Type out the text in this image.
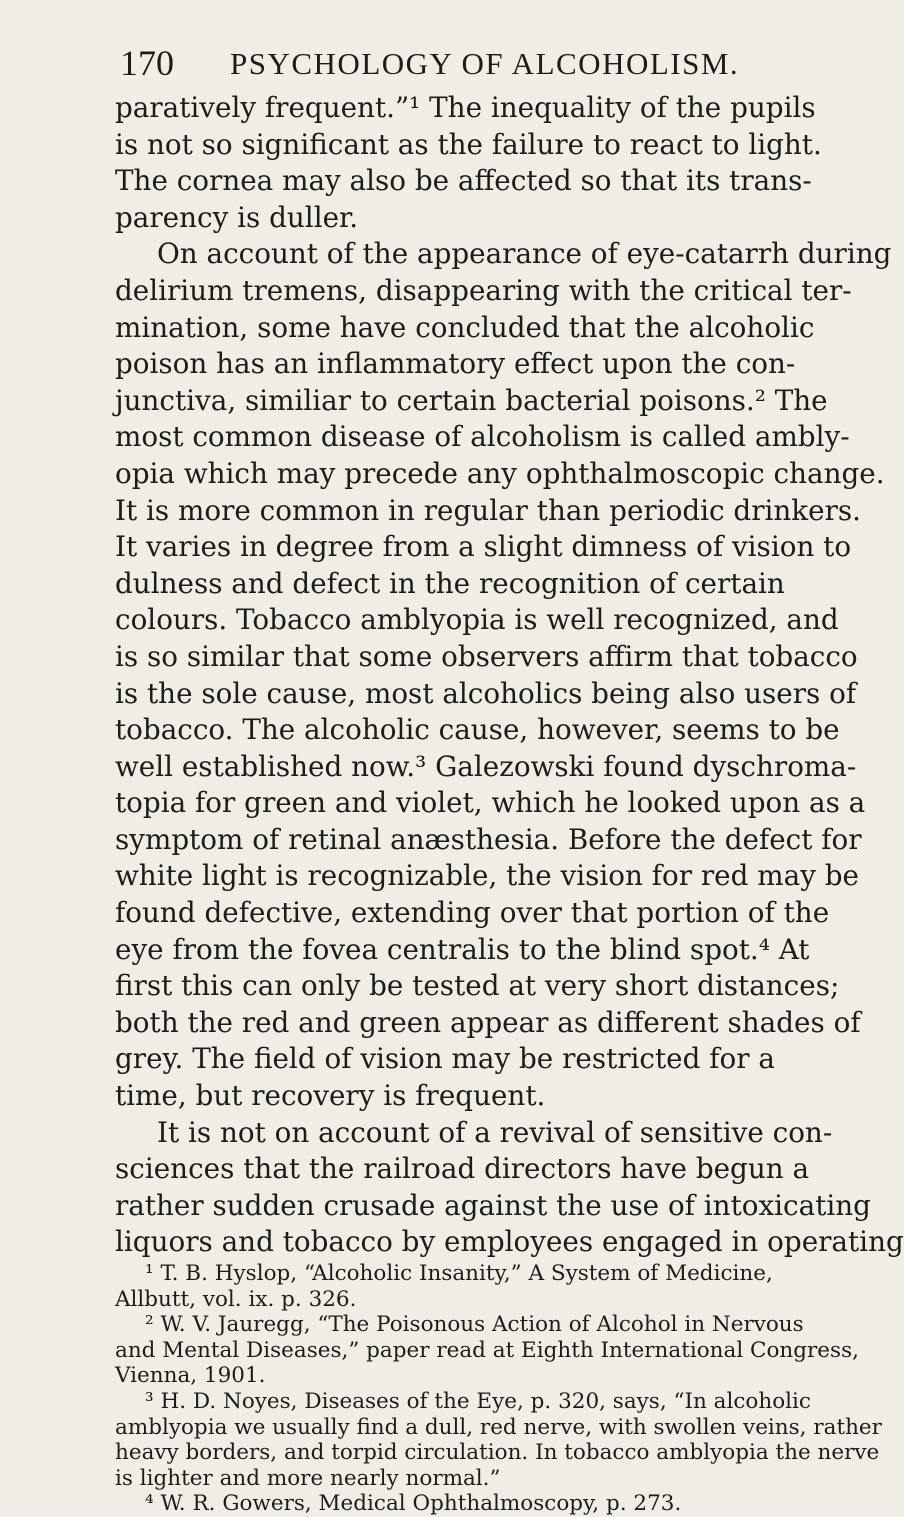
170 PSYCHOLOGY OF ALCOHOLISM.

paratively frequent.”¹ The inequality of the pupils
is not so significant as the failure to react to light.
The cornea may also be affected so that its trans-
parency is duller.

On account of the appearance of eye-catarrh during
delirium tremens, disappearing with the critical ter-
mination, some have concluded that the alcoholic
poison has an inflammatory effect upon the con-
junctiva, similiar to certain bacterial poisons.² The
most common disease of alcoholism is called ambly-
opia which may precede any ophthalmoscopic change.
It is more common in regular than periodic drinkers.
It varies in degree from a slight dimness of vision to
dulness and defect in the recognition of certain
colours. Tobacco amblyopia is well recognized, and
is so similar that some observers affirm that tobacco
is the sole cause, most alcoholics being also users of
tobacco. The alcoholic cause, however, seems to be
well established now.³ Galezowski found dyschroma-
topia for green and violet, which he looked upon as a
symptom of retinal anæsthesia. Before the defect for
white light is recognizable, the vision for red may be
found defective, extending over that portion of the
eye from the fovea centralis to the blind spot.⁴ At
first this can only be tested at very short distances;
both the red and green appear as different shades of
grey. The field of vision may be restricted for a
time, but recovery is frequent.

It is not on account of a revival of sensitive con-
sciences that the railroad directors have begun a
rather sudden crusade against the use of intoxicating
liquors and tobacco by employees engaged in operating

¹ T. B. Hyslop, “Alcoholic Insanity,” A System of Medicine,
Allbutt, vol. ix. p. 326.

² W. V. Jauregg, “The Poisonous Action of Alcohol in Nervous
and Mental Diseases,” paper read at Eighth International Congress,
Vienna, 1901.

³ H. D. Noyes, Diseases of the Eye, p. 320, says, “In alcoholic
amblyopia we usually find a dull, red nerve, with swollen veins, rather
heavy borders, and torpid circulation. In tobacco amblyopia the nerve
is lighter and more nearly normal.”

⁴ W. R. Gowers, Medical Ophthalmoscopy, p. 273.
